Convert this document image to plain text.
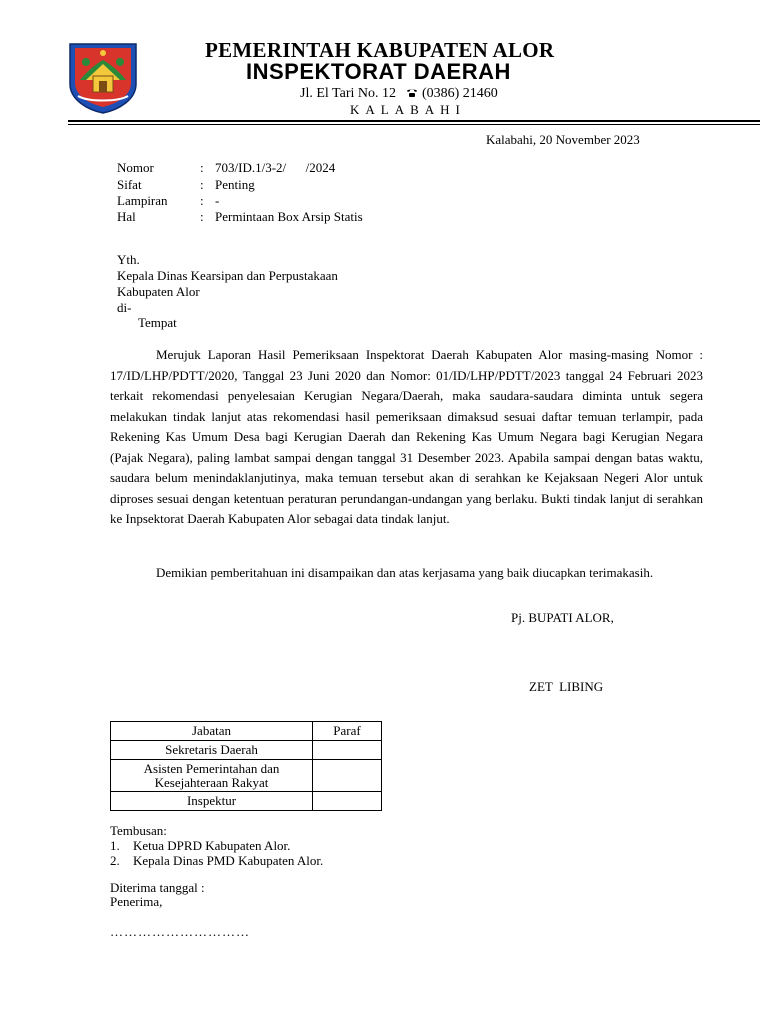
PEMERINTAH KABUPATEN ALOR
INSPEKTORAT DAERAH
Jl. El Tari No. 12 (0386) 21460
KALABAHI
Kalabahi, 20 November 2023
Nomor	: 703/ID.1/3-2/      /2024
Sifat	: Penting
Lampiran : -
Hal	: Permintaan Box Arsip Statis
Yth.
Kepala Dinas Kearsipan dan Perpustakaan
Kabupaten Alor
di-
Tempat
Merujuk Laporan Hasil Pemeriksaan Inspektorat Daerah Kabupaten Alor masing-masing Nomor : 17/ID/LHP/PDTT/2020, Tanggal 23 Juni 2020 dan Nomor: 01/ID/LHP/PDTT/2023 tanggal 24 Februari 2023 terkait rekomendasi penyelesaian Kerugian Negara/Daerah, maka saudara-saudara diminta untuk segera melakukan tindak lanjut atas rekomendasi hasil pemeriksaan dimaksud sesuai daftar temuan terlampir, pada Rekening Kas Umum Desa bagi Kerugian Daerah dan Rekening Kas Umum Negara bagi Kerugian Negara (Pajak Negara), paling lambat sampai dengan tanggal 31 Desember 2023. Apabila sampai dengan batas waktu, saudara belum menindaklanjutinya, maka temuan tersebut akan di serahkan ke Kejaksaan Negeri Alor untuk diproses sesuai dengan ketentuan peraturan perundangan-undangan yang berlaku. Bukti tindak lanjut di serahkan ke Inpsektorat Daerah Kabupaten Alor sebagai data tindak lanjut.
Demikian pemberitahuan ini disampaikan dan atas kerjasama yang baik diucapkan terimakasih.
Pj. BUPATI ALOR,
ZET  LIBING
Jabatan	Paraf
Sekretaris Daerah	

Asisten Pemerintahan dan
Kesejahteraan Rakyat	

Inspektur	
Tembusan:
1. Ketua DPRD Kabupaten Alor.
2. Kepala Dinas PMD Kabupaten Alor.
Diterima tanggal :
Penerima,
…………………………
